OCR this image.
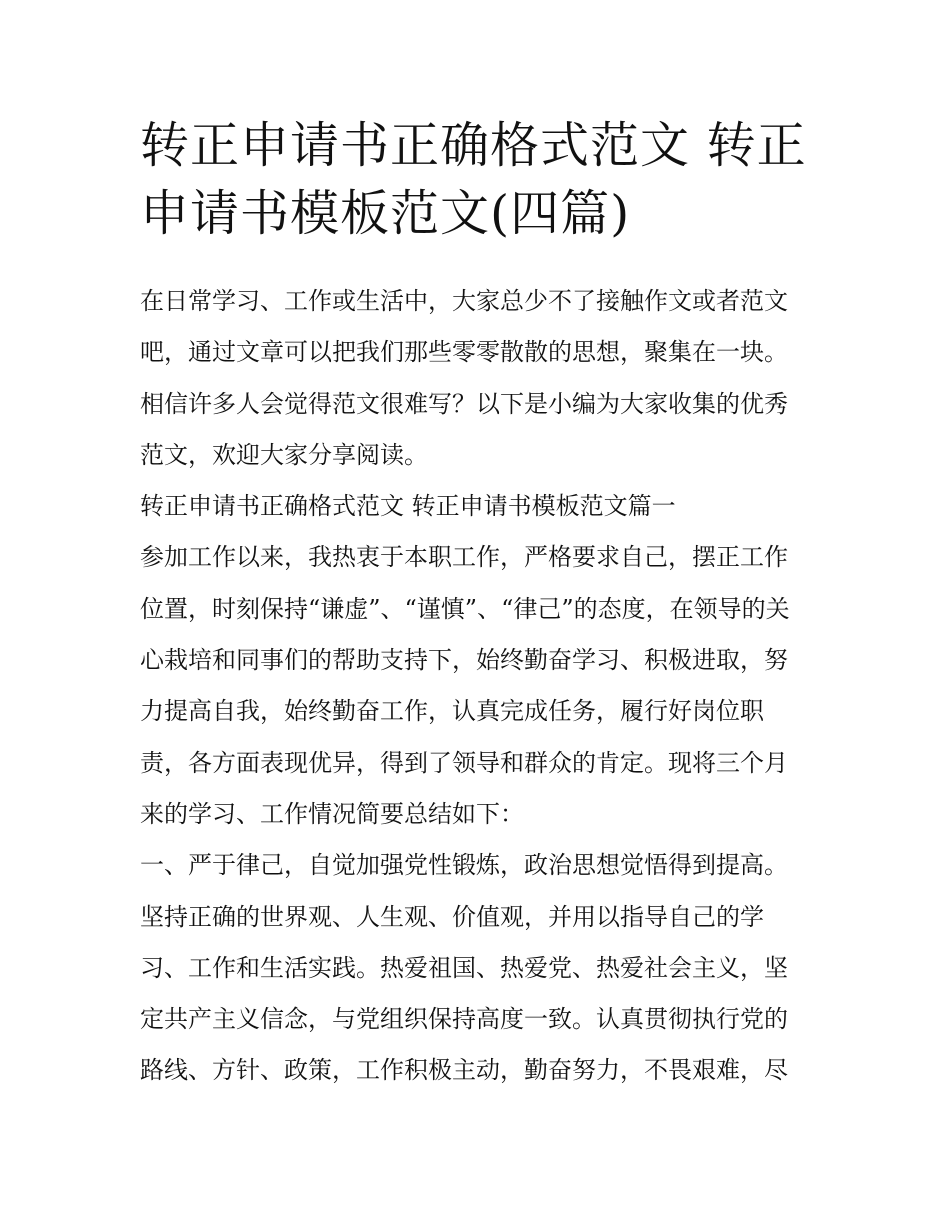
转正申请书正确格式范文 转正
申请书模板范文(四篇)
在日常学习、工作或生活中，大家总少不了接触作文或者范文
吧，通过文章可以把我们那些零零散散的思想，聚集在一块。
相信许多人会觉得范文很难写？以下是小编为大家收集的优秀
范文，欢迎大家分享阅读。
转正申请书正确格式范文 转正申请书模板范文篇一
参加工作以来，我热衷于本职工作，严格要求自己，摆正工作
位置，时刻保持“谦虚”、“谨慎”、“律己”的态度，在领导的关
心栽培和同事们的帮助支持下，始终勤奋学习、积极进取，努
力提高自我，始终勤奋工作，认真完成任务，履行好岗位职
责，各方面表现优异，得到了领导和群众的肯定。现将三个月
来的学习、工作情况简要总结如下：
一、严于律己，自觉加强党性锻炼，政治思想觉悟得到提高。
坚持正确的世界观、人生观、价值观，并用以指导自己的学
习、工作和生活实践。热爱祖国、热爱党、热爱社会主义，坚
定共产主义信念，与党组织保持高度一致。认真贯彻执行党的
路线、方针、政策，工作积极主动，勤奋努力，不畏艰难，尽
